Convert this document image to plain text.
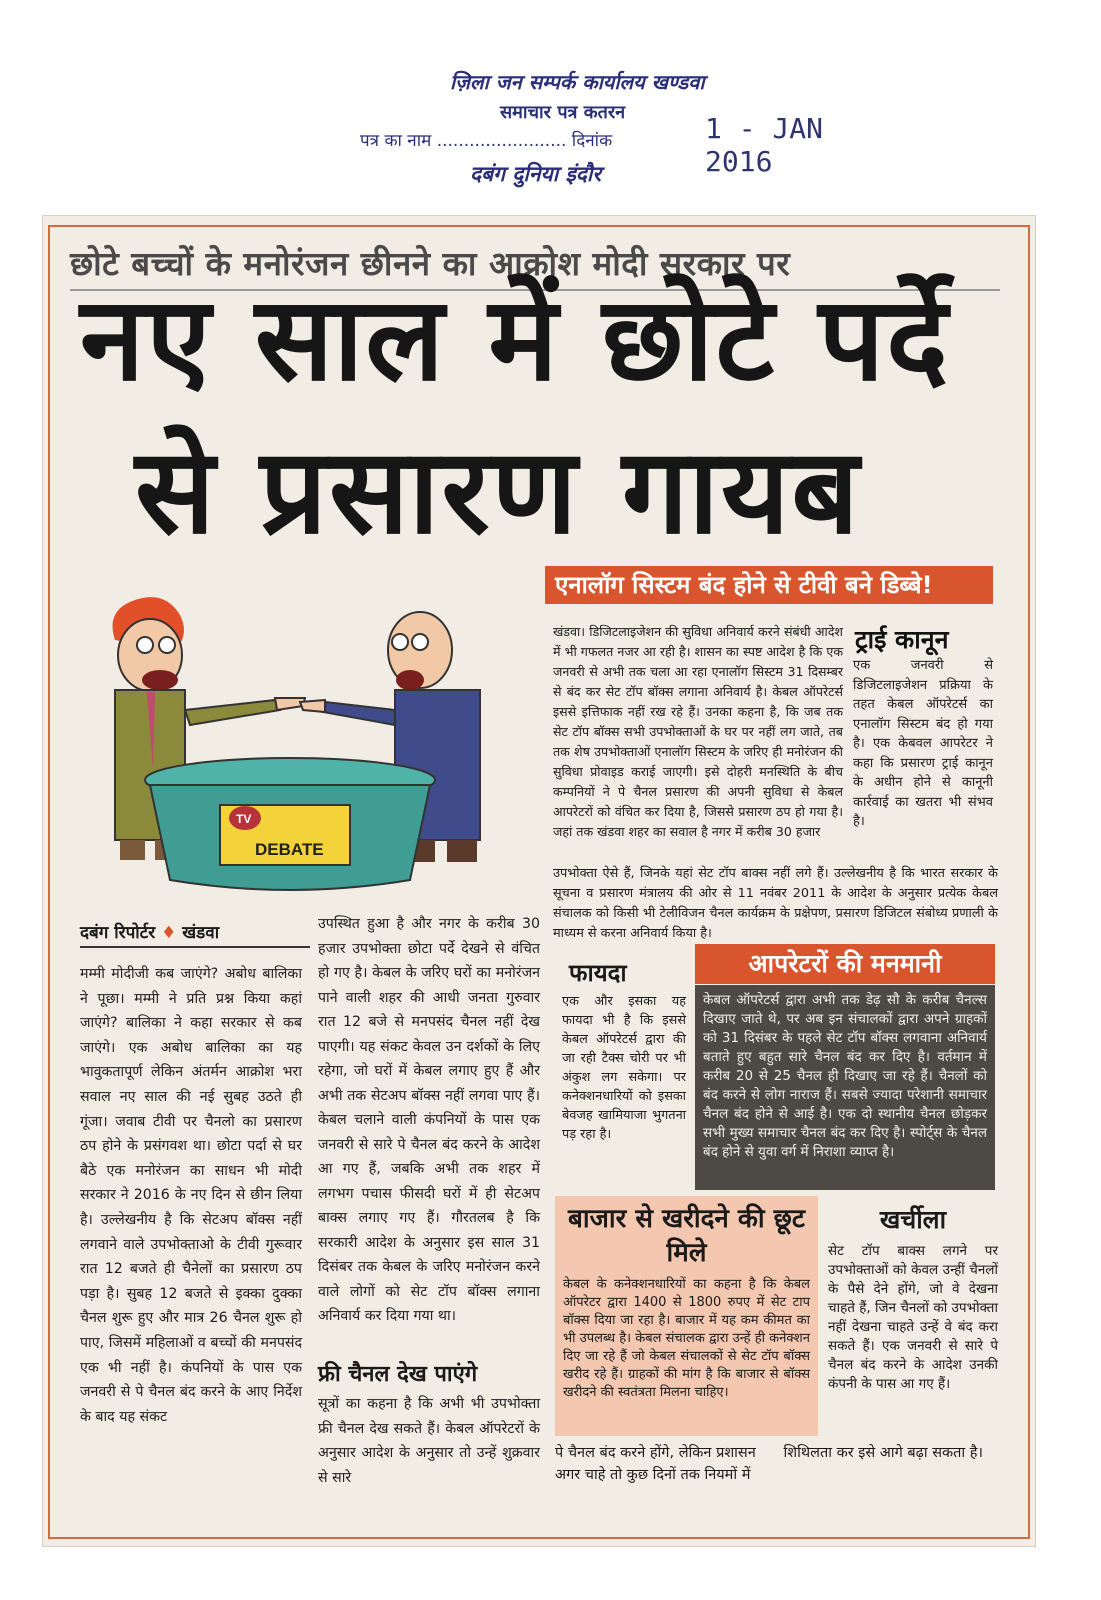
ज़िला जन सम्पर्क कार्यालय खण्डवा
समाचार पत्र कतरन
पत्र का नाम ........................ दिनांक	1 - JAN 2016
दबंग दुनिया इंदौर
छोटे बच्चों के मनोरंजन छीनने का आक्रोश मोदी सरकार पर
नए साल में छोटे पर्दे
से प्रसारण गायब
एनालॉग सिस्टम बंद होने से टीवी बने डिब्बे!
TV
DEBATE
दबंग रिपोर्टर ♦ खंडवा
मम्मी मोदीजी कब जाएंगे? अबोध बालिका ने पूछा। मम्मी ने प्रति प्रश्न किया कहां जाएंगे? बालिका ने कहा सरकार से कब जाएंगे। एक अबोध बालिका का यह भावुकतापूर्ण लेकिन अंतर्मन आक्रोश भरा सवाल नए साल की नई सुबह उठते ही गूंजा। जवाब टीवी पर चैनलो का प्रसारण ठप होने के प्रसंगवश था। छोटा पर्दा से घर बैठे एक मनोरंजन का साधन भी मोदी सरकार ने 2016 के नए दिन से छीन लिया है। उल्लेखनीय है कि सेटअप बॉक्स नहीं लगवाने वाले उपभोक्ताओ के टीवी गुरूवार रात 12 बजते ही चैनेलों का प्रसारण ठप पड़ा है। सुबह 12 बजते से इक्का दुक्का चैनल शुरू हुए और मात्र 26 चैनल शुरू हो पाए, जिसमें महिलाओं व बच्चों की मनपसंद एक भी नहीं है। कंपनियों के पास एक जनवरी से पे चैनल बंद करने के आए निर्देश के बाद यह संकट
उपस्थित हुआ है और नगर के करीब 30 हजार उपभोक्ता छोटा पर्दे देखने से वंचित हो गए है। केबल के जरिए घरों का मनोरंजन पाने वाली शहर की आधी जनता गुरुवार रात 12 बजे से मनपसंद चैनल नहीं देख पाएगी। यह संकट केवल उन दर्शकों के लिए रहेगा, जो घरों में केबल लगाए हुए हैं और अभी तक सेटअप बॉक्स नहीं लगवा पाए हैं। केबल चलाने वाली कंपनियों के पास एक जनवरी से सारे पे चैनल बंद करने के आदेश आ गए हैं, जबकि अभी तक शहर में लगभग पचास फीसदी घरों में ही सेटअप बाक्स लगाए गए हैं। गौरतलब है कि सरकारी आदेश के अनुसार इस साल 31 दिसंबर तक केबल के जरिए मनोरंजन करने वाले लोगों को सेट टॉप बॉक्स लगाना अनिवार्य कर दिया गया था।
फ्री चैनल देख पाएंगे
सूत्रों का कहना है कि अभी भी उपभोक्ता फ्री चैनल देख सकते हैं। केबल ऑपरेटरों के अनुसार आदेश के अनुसार तो उन्हें शुक्रवार से सारे
खंडवा। डिजिटलाइजेशन की सुविधा अनिवार्य करने संबंधी आदेश में भी गफलत नजर आ रही है। शासन का स्पष्ट आदेश है कि एक जनवरी से अभी तक चला आ रहा एनालॉग सिस्टम 31 दिसम्बर से बंद कर सेट टॉप बॉक्स लगाना अनिवार्य है। केबल ऑपरेटर्स इससे इत्तिफाक नहीं रख रहे हैं। उनका कहना है, कि जब तक सेट टॉप बॉक्स सभी उपभोक्ताओं के घर पर नहीं लग जाते, तब तक शेष उपभोक्ताओं एनालॉग सिस्टम के जरिए ही मनोरंजन की सुविधा प्रोवाइड कराई जाएगी। इसे दोहरी मनस्थिति के बीच कम्पनियों ने पे चैनल प्रसारण की अपनी सुविधा से केबल आपरेटरों को वंचित कर दिया है, जिससे प्रसारण ठप हो गया है। जहां तक खंडवा शहर का सवाल है नगर में करीब 30 हजार
उपभोक्ता ऐसे हैं, जिनके यहां सेट टॉप बाक्स नहीं लगे हैं। उल्लेखनीय है कि भारत सरकार के सूचना व प्रसारण मंत्रालय की ओर से 11 नवंबर 2011 के आदेश के अनुसार प्रत्येक केबल संचालक को किसी भी टेलीविजन चैनल कार्यक्रम के प्रक्षेपण, प्रसारण डिजिटल संबोध्य प्रणाली के माध्यम से करना अनिवार्य किया है।
ट्राई कानून
एक जनवरी से डिजिटलाइजेशन प्रक्रिया के तहत केबल ऑपरेटर्स का एनालॉग सिस्टम बंद हो गया है। एक केबवल आपरेटर ने कहा कि प्रसारण ट्राई कानून के अधीन होने से कानूनी कार्रवाई का खतरा भी संभव है।
फायदा
एक और इसका यह फायदा भी है कि इससे केबल ऑपरेटर्स द्वारा की जा रही टैक्स चोरी पर भी अंकुश लग सकेगा। पर कनेक्शनधारियों को इसका बेवजह खामियाजा भुगतना पड़ रहा है।
आपरेटरों की मनमानी
केबल ऑपरेटर्स द्वारा अभी तक डेढ़ सौ के करीब चैनल्स दिखाए जाते थे, पर अब इन संचालकों द्वारा अपने ग्राहकों को 31 दिसंबर के पहले सेट टॉप बॉक्स लगवाना अनिवार्य बताते हुए बहुत सारे चैनल बंद कर दिए है। वर्तमान में करीब 20 से 25 चैनल ही दिखाए जा रहे हैं। चैनलों को बंद करने से लोग नाराज हैं। सबसे ज्यादा परेशानी समाचार चैनल बंद होने से आई है। एक दो स्थानीय चैनल छोड़कर सभी मुख्य समाचार चैनल बंद कर दिए है। स्पोर्ट्स के चैनल बंद होने से युवा वर्ग में निराशा व्याप्त है।
बाजार से खरीदने की छूट मिले
केबल के कनेक्शनधारियों का कहना है कि केबल ऑपरेटर द्वारा 1400 से 1800 रुपए में सेट टाप बॉक्स दिया जा रहा है। बाजार में यह कम कीमत का भी उपलब्ध है। केबल संचालक द्वारा उन्हें ही कनेक्शन दिए जा रहे हैं जो केबल संचालकों से सेट टॉप बॉक्स खरीद रहे हैं। ग्राहकों की मांग है कि बाजार से बॉक्स खरीदने की स्वतंत्रता मिलना चाहिए।
खर्चीला
सेट टॉप बाक्स लगने पर उपभोक्ताओं को केवल उन्हीं चैनलों के पैसे देने होंगे, जो वे देखना चाहते हैं, जिन चैनलों को उपभोक्ता नहीं देखना चाहते उन्हें वे बंद करा सकते हैं। एक जनवरी से सारे पे चैनल बंद करने के आदेश उनकी कंपनी के पास आ गए हैं।
पे चैनल बंद करने होंगे, लेकिन प्रशासन अगर चाहे तो कुछ दिनों तक नियमों में शिथिलता कर इसे आगे बढ़ा सकता है।
